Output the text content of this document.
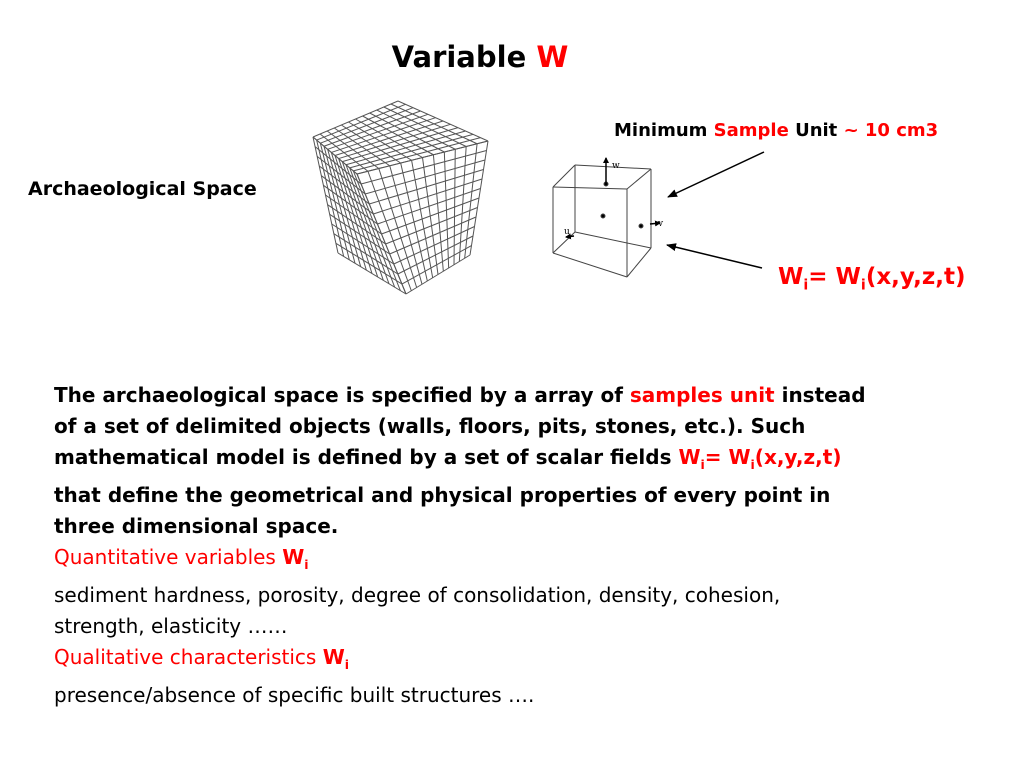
Variable W
Archaeological Space
Minimum Sample Unit ~ 10 cm3
$W_i= W_i(x,y,z,t)$
w
v
u
The archaeological space is specified by a array of samples unit instead
of a set of delimited objects (walls, floors, pits, stones, etc.). Such
mathematical model is defined by a set of scalar fields $W_i= W_i(x,y,z,t)$
that define the geometrical and physical properties of every point in
three dimensional space.
Quantitative variables $W_i$
sediment hardness, porosity, degree of consolidation, density, cohesion,
strength, elasticity ……
Qualitative characteristics $W_i$
presence/absence of specific built structures ….
